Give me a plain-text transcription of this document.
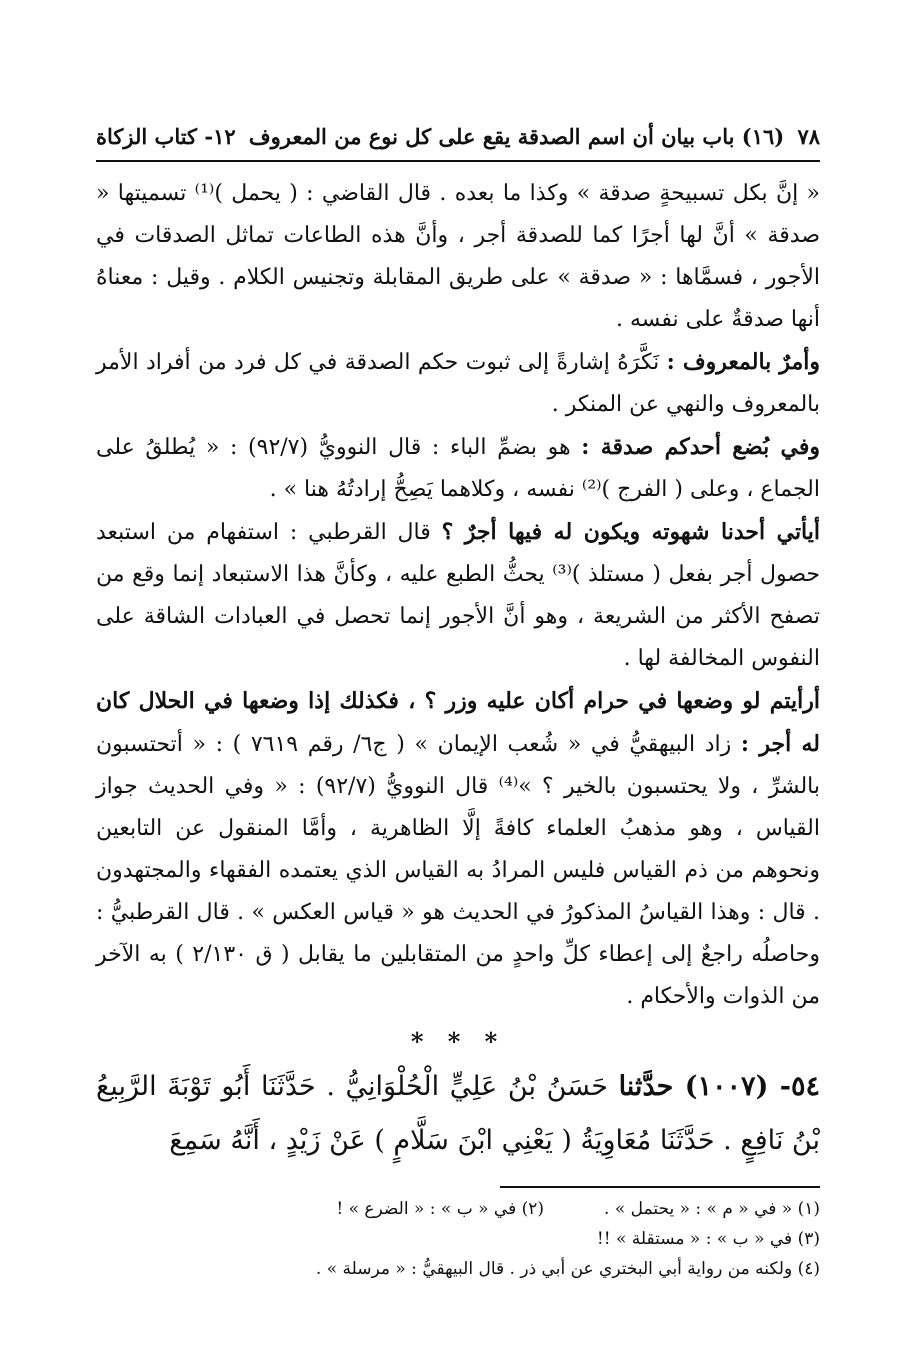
٧٨
(١٦) باب بيان أن اسم الصدقة يقع على كل نوع من المعروف
١٢- كتاب الزكاة

« إنَّ بكل تسبيحةٍ صدقة » وكذا ما بعده . قال القاضي : ( يحمل )⁽¹⁾ تسميتها « صدقة » أنَّ لها أجرًا كما للصدقة أجر ، وأنَّ هذه الطاعات تماثل الصدقات في الأجور ، فسمَّاها : « صدقة » على طريق المقابلة وتجنيس الكلام . وقيل : معناهُ أنها صدقةٌ على نفسه .

وأمرٌ بالمعروف : نَكَّرَهُ إشارةً إلى ثبوت حكم الصدقة في كل فرد من أفراد الأمر بالمعروف والنهي عن المنكر .

وفي بُضع أحدكم صدقة : هو بضمِّ الباء : قال النوويُّ (٩٢/٧) : « يُطلقُ على الجماع ، وعلى ( الفرج )⁽²⁾ نفسه ، وكلاهما يَصِحُّ إرادتُهُ هنا » .

أيأتي أحدنا شهوته ويكون له فيها أجرٌ ؟ قال القرطبي : استفهام من استبعد حصول أجر بفعل ( مستلذ )⁽³⁾ يحثُّ الطبع عليه ، وكأنَّ هذا الاستبعاد إنما وقع من تصفح الأكثر من الشريعة ، وهو أنَّ الأجور إنما تحصل في العبادات الشاقة على النفوس المخالفة لها .

أرأيتم لو وضعها في حرام أكان عليه وزر ؟ ، فكذلك إذا وضعها في الحلال كان له أجر : زاد البيهقيُّ في « شُعب الإيمان » ( ج٦/ رقم ٧٦١٩ ) : « أتحتسبون بالشرِّ ، ولا يحتسبون بالخير ؟ »⁽⁴⁾ قال النوويُّ (٩٢/٧) : « وفي الحديث جواز القياس ، وهو مذهبُ العلماء كافةً إلَّا الظاهرية ، وأمَّا المنقول عن التابعين ونحوهم من ذم القياس فليس المرادُ به القياس الذي يعتمده الفقهاء والمجتهدون . قال : وهذا القياسُ المذكورُ في الحديث هو « قياس العكس » . قال القرطبيُّ : وحاصلُه راجعٌ إلى إعطاء كلِّ واحدٍ من المتقابلين ما يقابل ( ق ٢/١٣٠ ) به الآخر من الذوات والأحكام .

* * *

٥٤- (١٠٠٧) حدَّثنا حَسَنُ بْنُ عَلِيٍّ الْحُلْوَانِيُّ . حَدَّثَنَا أَبُو تَوْبَةَ الرَّبِيعُ بْنُ نَافِعٍ . حَدَّثَنَا مُعَاوِيَةُ ( يَعْنِي ابْنَ سَلَّامٍ ) عَنْ زَيْدٍ ، أَنَّهُ سَمِعَ

(١) « في « م » : « يحتمل » .
(٢) في « ب » : « الضرع » !
(٣) في « ب » : « مستقلة » !!
(٤) ولكنه من رواية أبي البختري عن أبي ذر . قال البيهقيُّ : « مرسلة » .
